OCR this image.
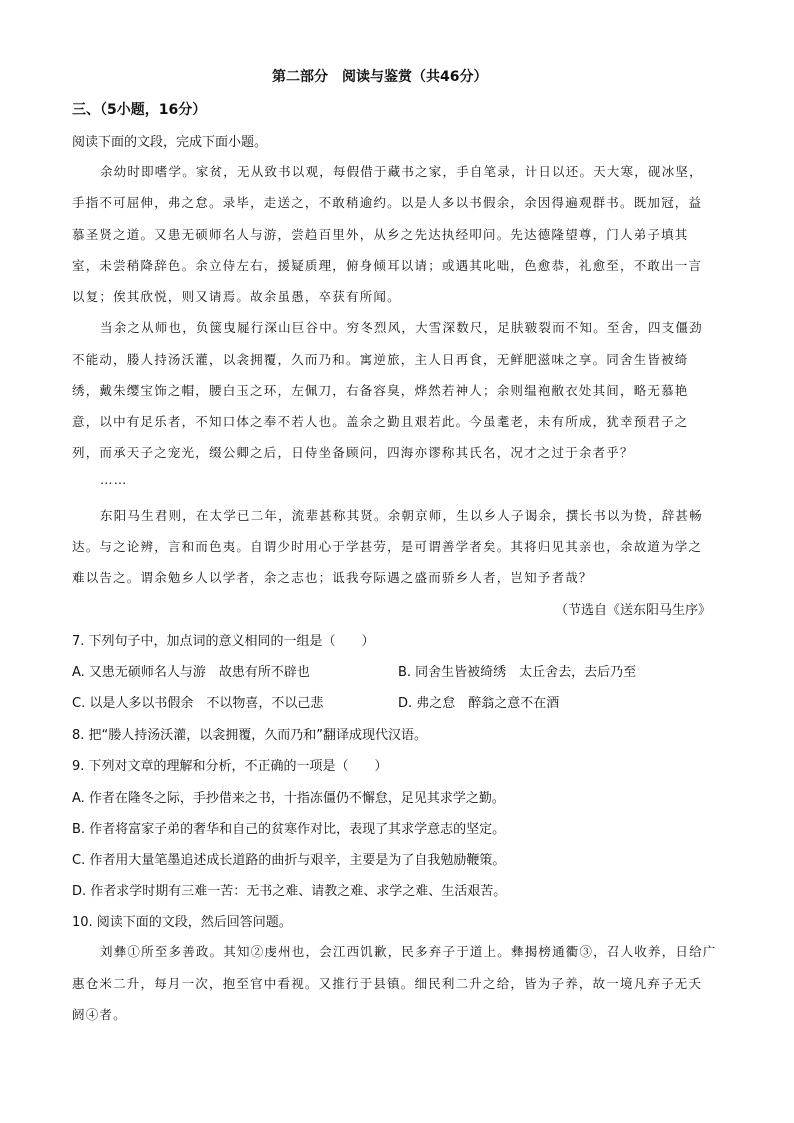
第二部分　阅读与鉴赏（共46分）
三、（5小题，16分）
阅读下面的文段，完成下面小题。
余幼时即嗜学。家贫，无从致书以观，每假借于藏书之家，手自笔录，计日以还。天大寒，砚冰坚，
手指不可屈伸，弗之怠。录毕，走送之，不敢稍逾约。以是人多以书假余，余因得遍观群书。既加冠，益
慕圣贤之道。又患无硕师名人与游，尝趋百里外，从乡之先达执经叩问。先达德隆望尊，门人弟子填其
室，未尝稍降辞色。余立侍左右，援疑质理，俯身倾耳以请；或遇其叱咄，色愈恭，礼愈至，不敢出一言
以复；俟其欣悦，则又请焉。故余虽愚，卒获有所闻。
当余之从师也，负箧曳屣行深山巨谷中。穷冬烈风，大雪深数尺，足肤皲裂而不知。至舍，四支僵劲
不能动，媵人持汤沃灌，以衾拥覆，久而乃和。寓逆旅，主人日再食，无鲜肥滋味之享。同舍生皆被绮
绣，戴朱缨宝饰之帽，腰白玉之环，左佩刀，右备容臭，烨然若神人；余则缊袍敝衣处其间，略无慕艳
意，以中有足乐者，不知口体之奉不若人也。盖余之勤且艰若此。今虽耄老，未有所成，犹幸预君子之
列，而承天子之宠光，缀公卿之后，日侍坐备顾问，四海亦谬称其氏名，况才之过于余者乎？
……
东阳马生君则，在太学已二年，流辈甚称其贤。余朝京师，生以乡人子谒余，撰长书以为贽，辞甚畅
达。与之论辨，言和而色夷。自谓少时用心于学甚劳，是可谓善学者矣。其将归见其亲也，余故道为学之
难以告之。谓余勉乡人以学者，余之志也；诋我夸际遇之盛而骄乡人者，岂知予者哉？
（节选自《送东阳马生序》
7. 下列句子中，加点词的意义相同的一组是（　　）
A. 又患无硕师名人与游　故患有所不辟也	B. 同舍生皆被绮绣　太丘舍去，去后乃至
C. 以是人多以书假余　不以物喜，不以己悲	D. 弗之怠　醉翁之意不在酒
8. 把“媵人持汤沃灌，以衾拥覆，久而乃和”翻译成现代汉语。
9. 下列对文章的理解和分析，不正确的一项是（　　）
A. 作者在隆冬之际，手抄借来之书，十指冻僵仍不懈怠，足见其求学之勤。
B. 作者将富家子弟的奢华和自己的贫寒作对比，表现了其求学意志的坚定。
C. 作者用大量笔墨追述成长道路的曲折与艰辛，主要是为了自我勉励鞭策。
D. 作者求学时期有三难一苦：无书之难、请教之难、求学之难、生活艰苦。
10. 阅读下面的文段，然后回答问题。
刘彝①所至多善政。其知②虔州也，会江西饥歉，民多弃子于道上。彝揭榜通衢③，召人收养，日给广
惠仓米二升，每月一次，抱至官中看视。又推行于县镇。细民利二升之给，皆为子养，故一境凡弃子无夭
阏④者。
